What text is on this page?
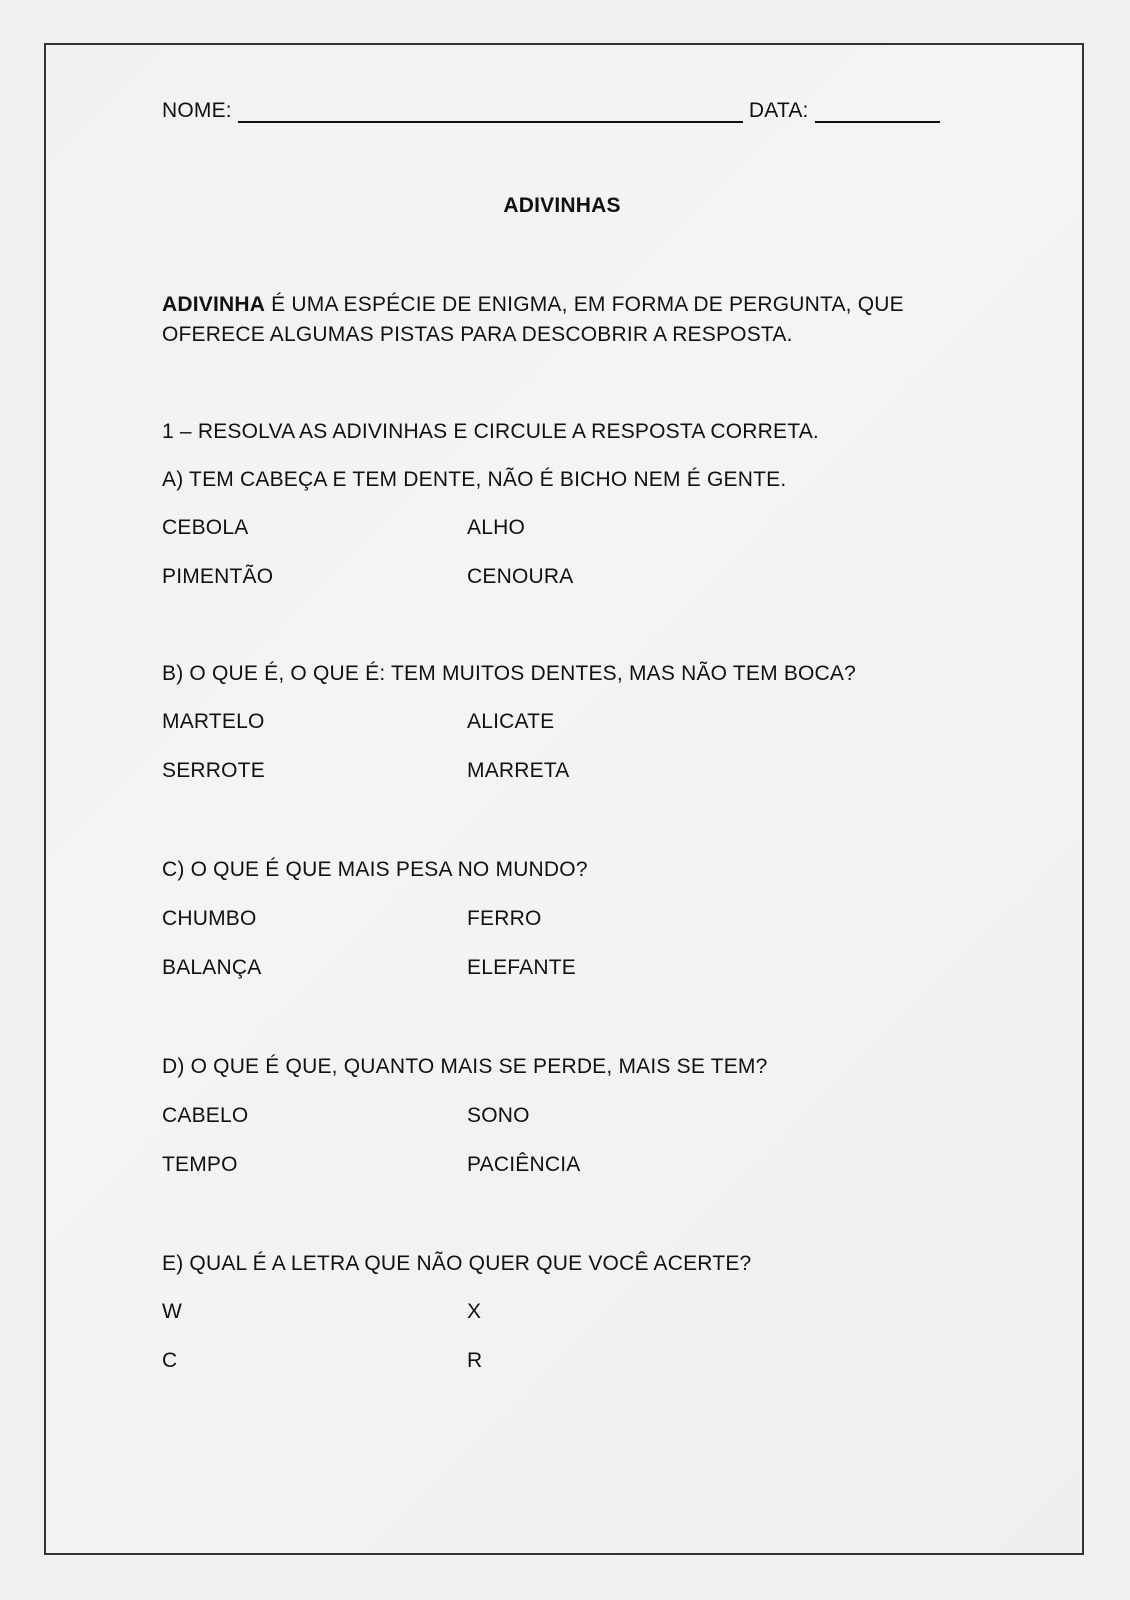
NOME:	DATA:
ADIVINHAS
ADIVINHA É UMA ESPÉCIE DE ENIGMA, EM FORMA DE PERGUNTA, QUE OFERECE ALGUMAS PISTAS PARA DESCOBRIR A RESPOSTA.
1 – RESOLVA AS ADIVINHAS E CIRCULE A RESPOSTA CORRETA.
A) TEM CABEÇA E TEM DENTE, NÃO É BICHO NEM É GENTE.
CEBOLA	ALHO
PIMENTÃO	CENOURA
B) O QUE É, O QUE É: TEM MUITOS DENTES, MAS NÃO TEM BOCA?
MARTELO	ALICATE
SERROTE	MARRETA
C) O QUE É QUE MAIS PESA NO MUNDO?
CHUMBO	FERRO
BALANÇA	ELEFANTE
D) O QUE É QUE, QUANTO MAIS SE PERDE, MAIS SE TEM?
CABELO	SONO
TEMPO	PACIÊNCIA
E) QUAL É A LETRA QUE NÃO QUER QUE VOCÊ ACERTE?
W	X
C	R
